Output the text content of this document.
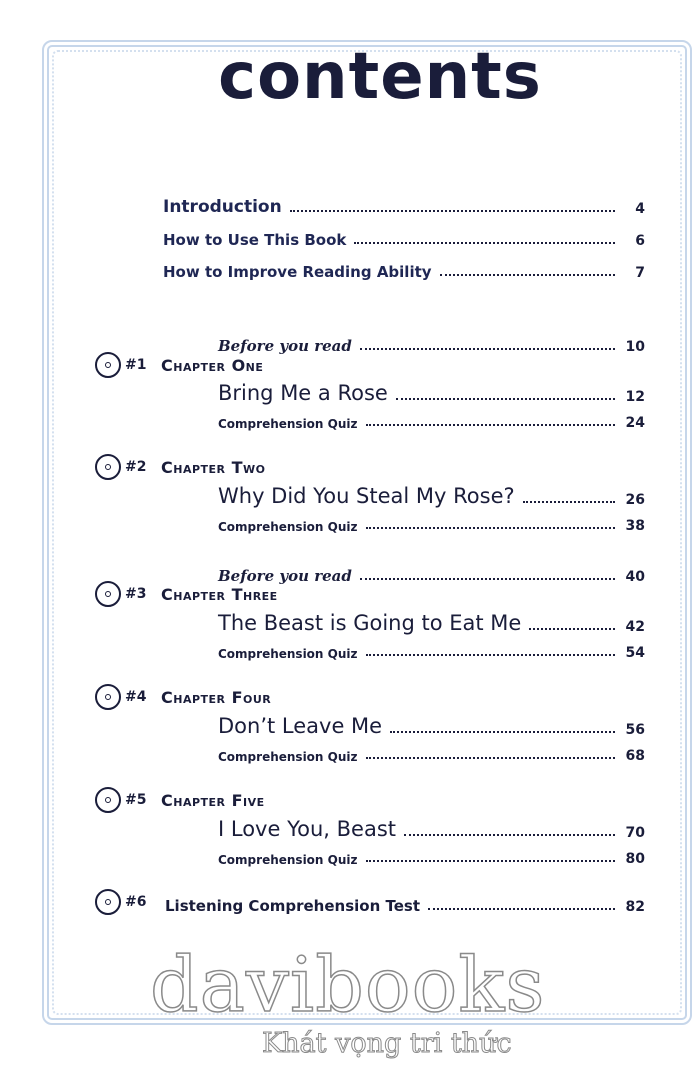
contents
Introduction	4
How to Use This Book	6
How to Improve Reading Ability	7
Before you read	10
#1 Chapter One
Bring Me a Rose	12
Comprehension Quiz	24
#2 Chapter Two
Why Did You Steal My Rose?	26
Comprehension Quiz	38
Before you read	40
#3 Chapter Three
The Beast is Going to Eat Me	42
Comprehension Quiz	54
#4 Chapter Four
Don’t Leave Me	56
Comprehension Quiz	68
#5 Chapter Five
I Love You, Beast	70
Comprehension Quiz	80
#6	Listening Comprehension Test	82
davibooks
Khát vọng tri thức
